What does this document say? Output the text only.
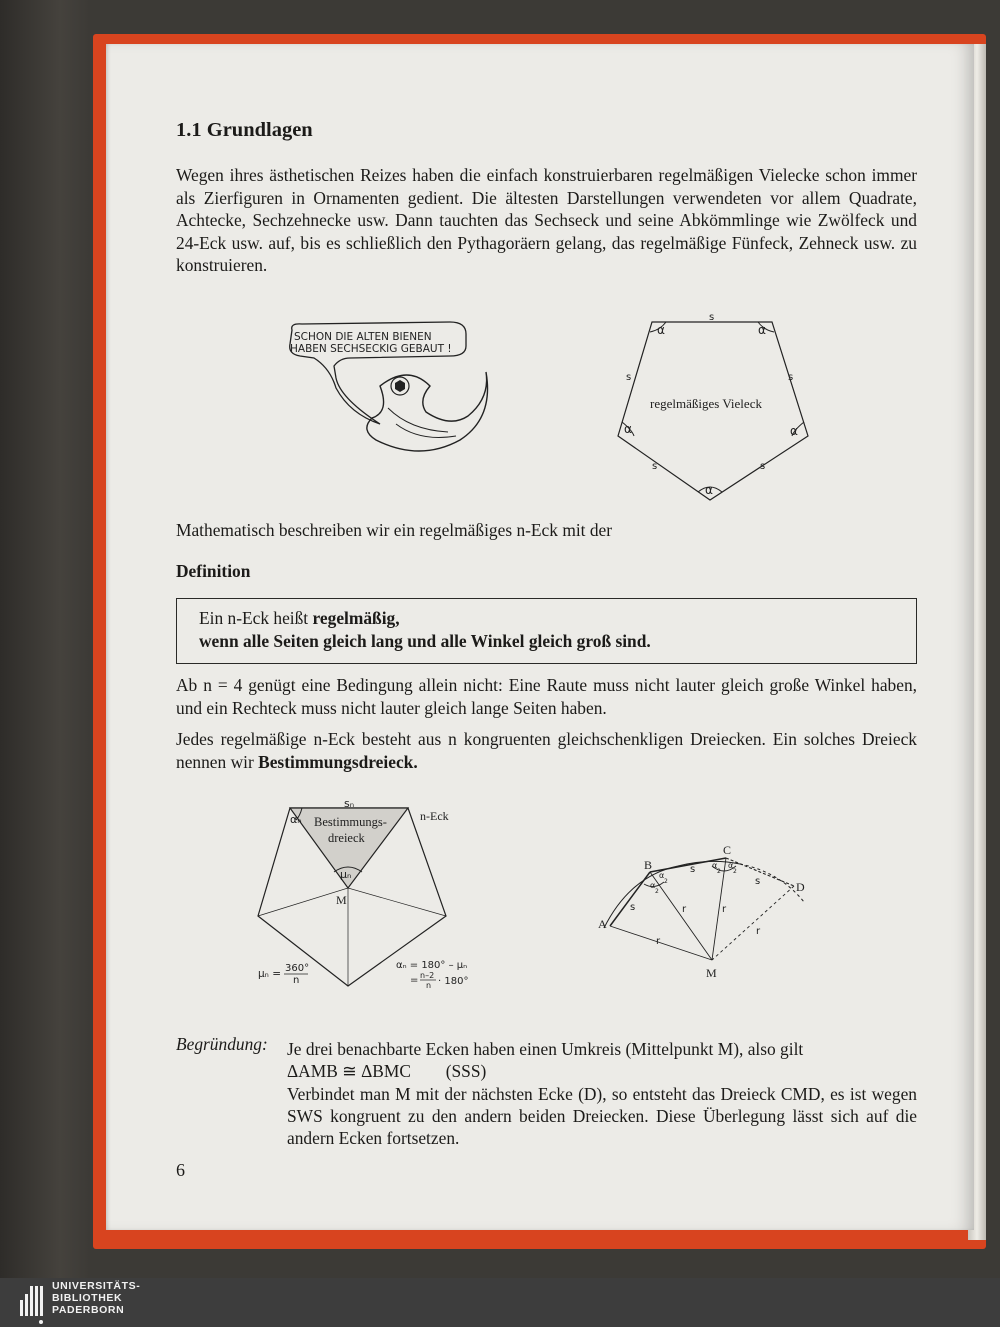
1.1 Grundlagen

Wegen ihres ästhetischen Reizes haben die einfach konstruierbaren regelmäßigen Vielecke schon immer als Zierfiguren in Ornamenten gedient. Die ältesten Darstellungen verwendeten vor allem Quadrate, Achtecke, Sechzehnecke usw. Dann tauchten das Sechseck und seine Abkömmlinge wie Zwölfeck und 24-Eck usw. auf, bis es schließlich den Pythagoräern gelang, das regelmäßige Fünfeck, Zehneck usw. zu konstruieren.

SCHON DIE ALTEN BIENEN
HABEN SECHSECKIG GEBAUT !
α	α
α	α
α
s
s	s
s	s
regelmäßiges Vieleck

Mathematisch beschreiben wir ein regelmäßiges n-Eck mit der

Definition

Ein n-Eck heißt regelmäßig,

wenn alle Seiten gleich lang und alle Winkel gleich groß sind.

Ab n = 4 genügt eine Bedingung allein nicht: Eine Raute muss nicht lauter gleich große Winkel haben, und ein Rechteck muss nicht lauter gleich lange Seiten haben.

Jedes regelmäßige n-Eck besteht aus n kongruenten gleichschenkligen Dreiecken. Ein solches Dreieck nennen wir Bestimmungsdreieck.

sₙ
n-Eck
αₙ Bestimmungs-
dreieck
μₙ
M
μₙ = 360°
n
αₙ = 180° – μₙ
= n–2
n · 180°
A
B
C
D
M
s
s
s
r	r
r
r
α
2
α
2
α
2
α
2

Begründung: Je drei benachbarte Ecken haben einen Umkreis (Mittelpunkt M), also gilt
ΔAMB ≅ ΔBMC        (SSS)
Verbindet man M mit der nächsten Ecke (D), so entsteht das Dreieck CMD, es ist wegen SWS kongruent zu den andern beiden Dreiecken. Diese Überlegung lässt sich auf die andern Ecken fortsetzen.

6

UNIVERSITÄTS-
BIBLIOTHEK
PADERBORN
